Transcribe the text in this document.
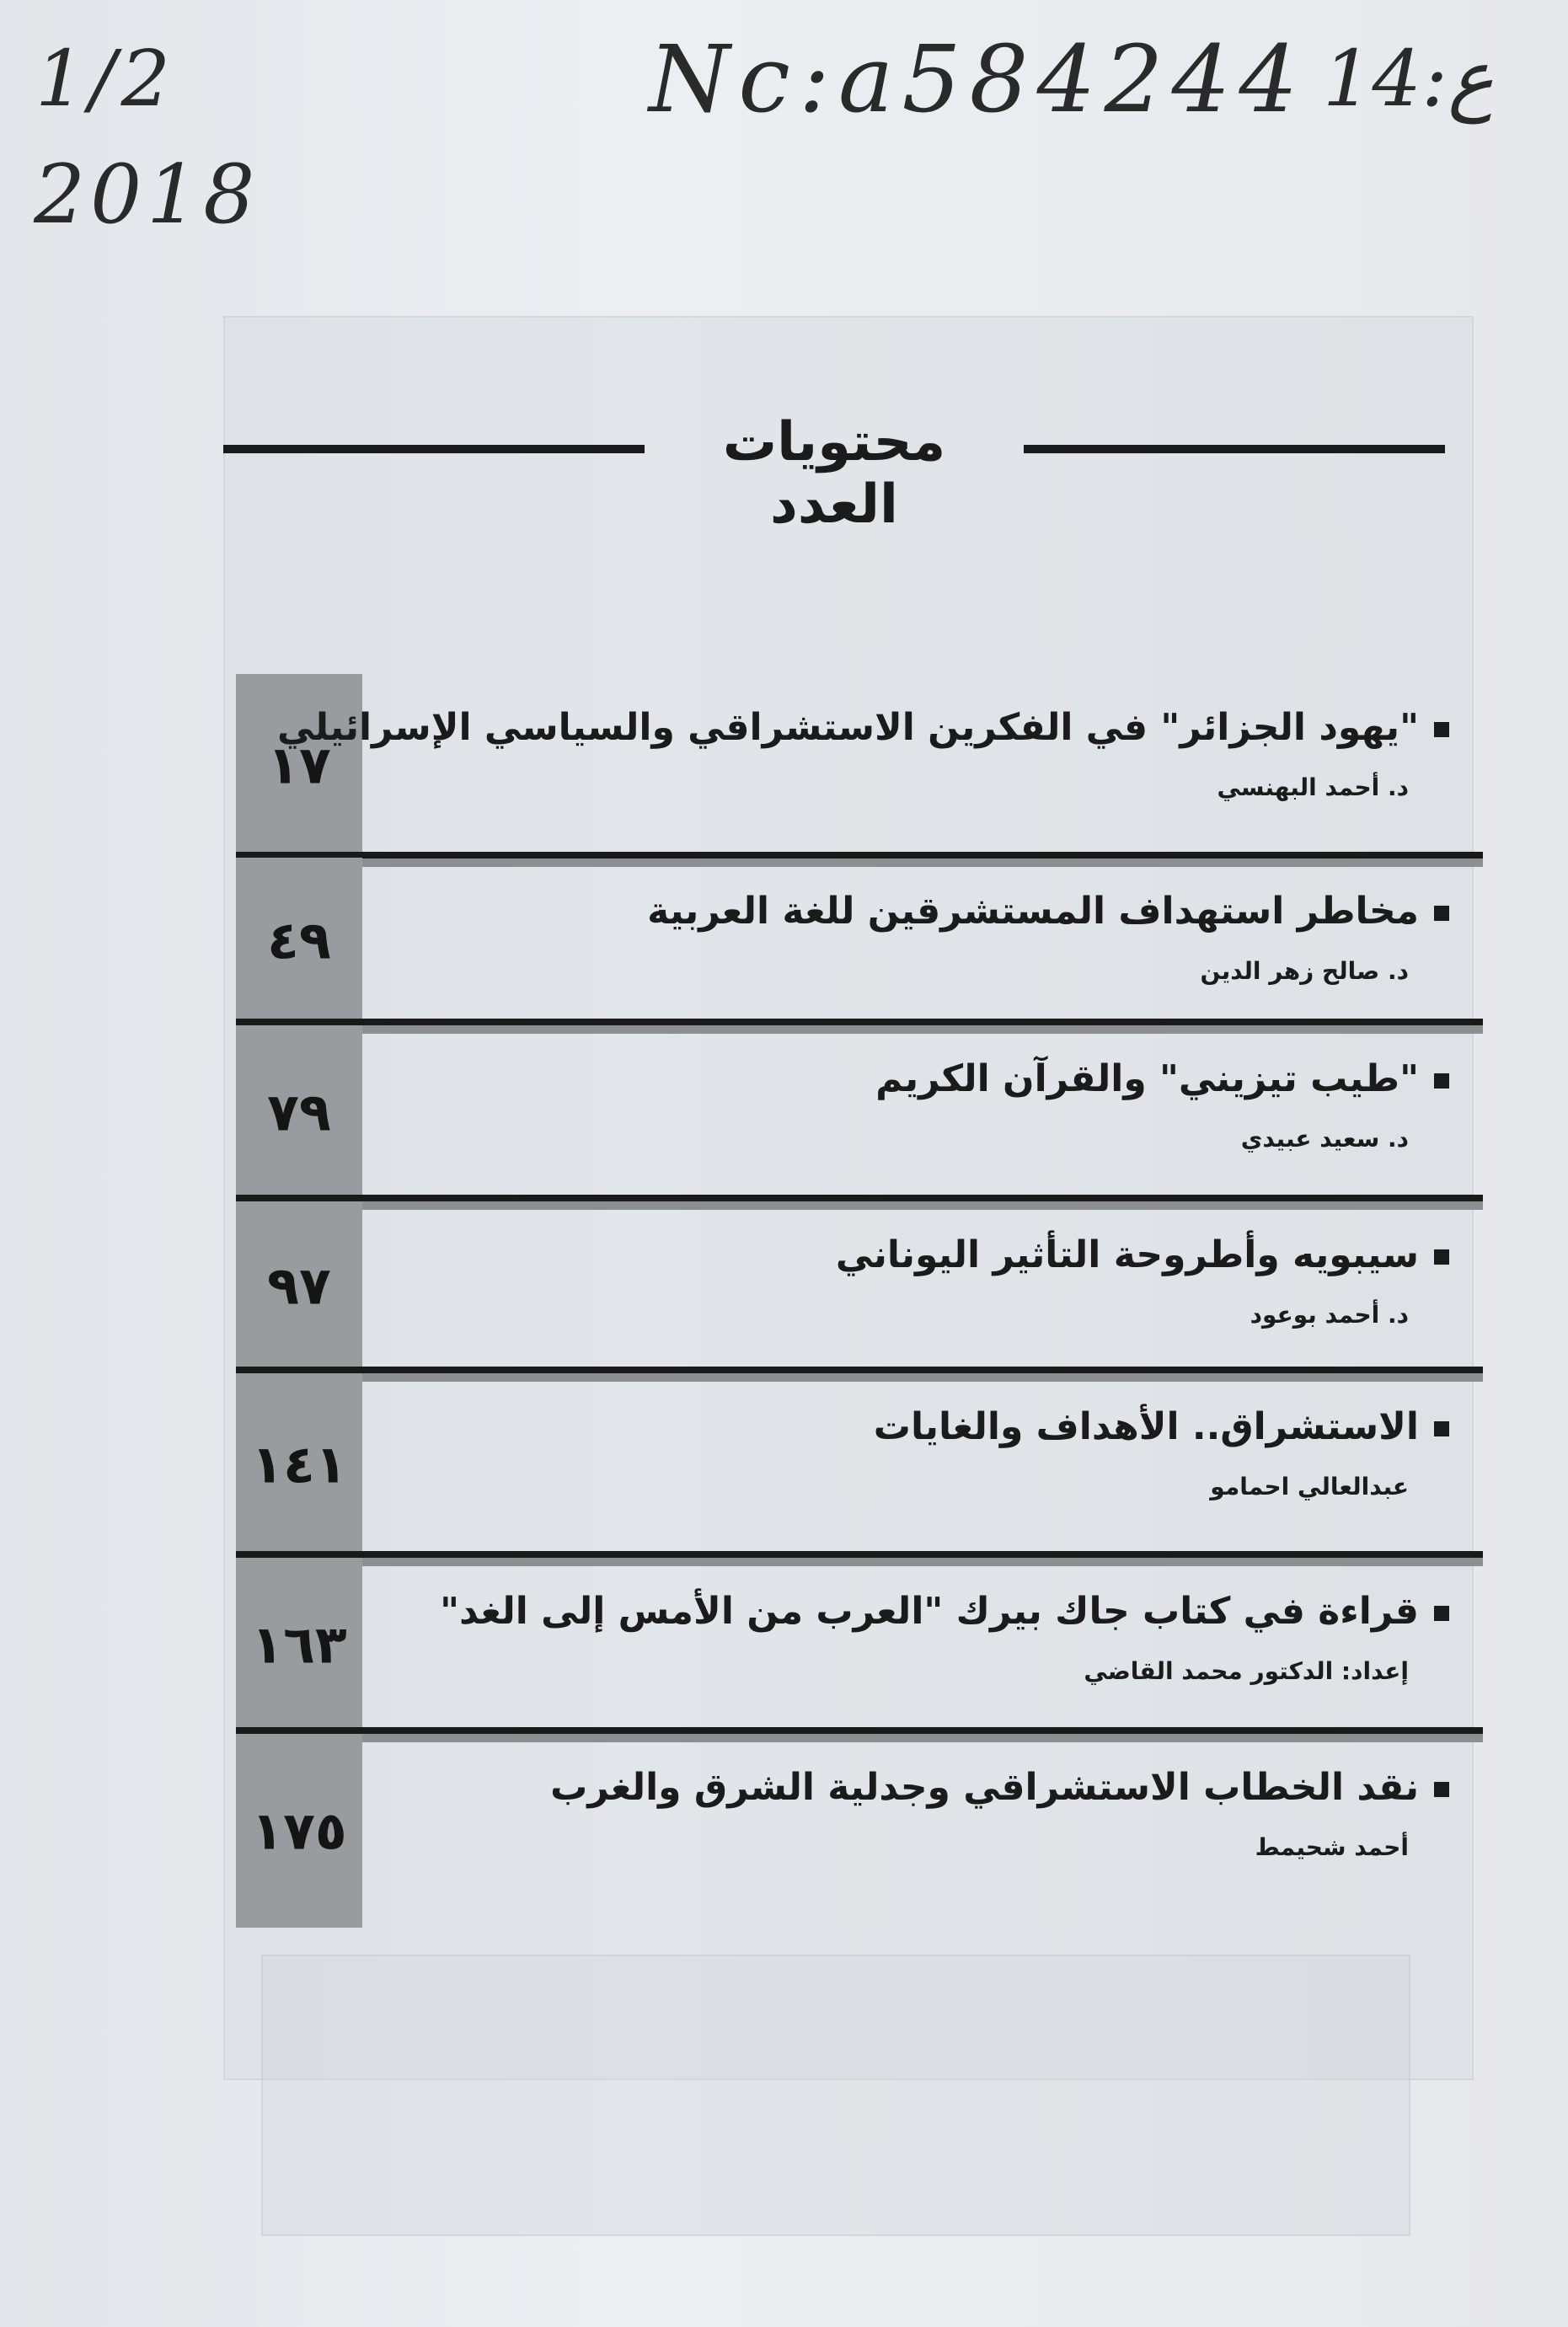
1/2
2018
Nc:a584244 14:ع
محتويات العدد
١٧
"يهود الجزائر" في الفكرين الاستشراقي والسياسي الإسرائيلي
د. أحمد البهنسي
٤٩	مخاطر استهداف المستشرقين للغة العربية
د. صالح زهر الدين
٧٩
"طيب تيزيني" والقرآن الكريم
د. سعيد عبيدي
٩٧	سيبويه وأطروحة التأثير اليوناني
د. أحمد بوعود
١٤١
الاستشراق.. الأهداف والغايات
عبدالعالي احمامو
١٦٣
قراءة في كتاب جاك بيرك "العرب من الأمس إلى الغد"
إعداد: الدكتور محمد القاضي
١٧٥
نقد الخطاب الاستشراقي وجدلية الشرق والغرب
أحمد شحيمط
